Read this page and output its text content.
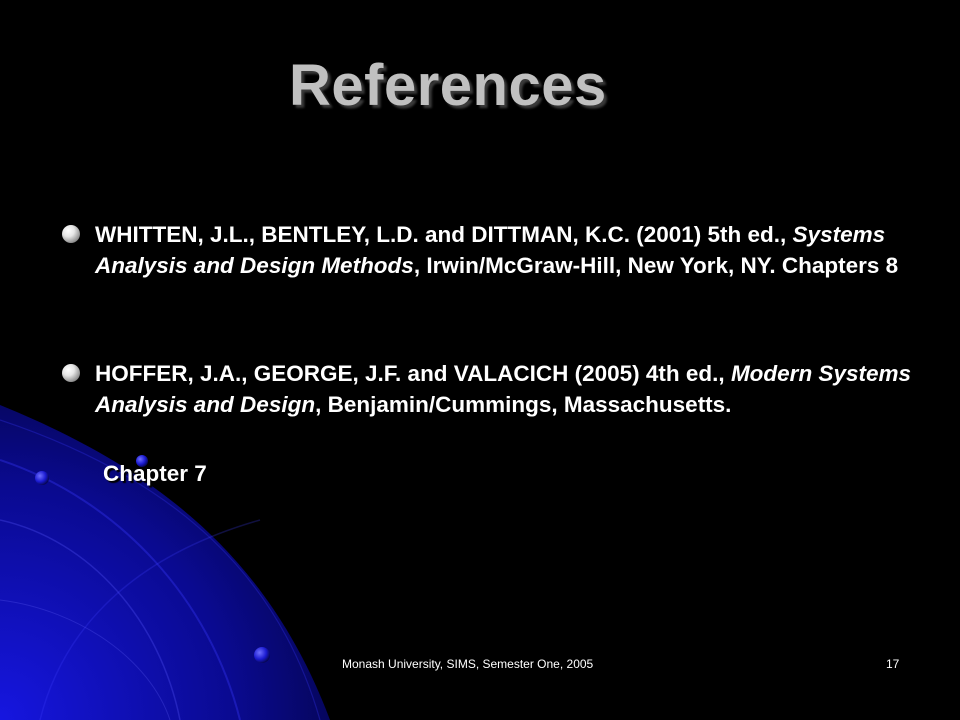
References
WHITTEN, J.L., BENTLEY, L.D. and DITTMAN, K.C. (2001) 5th ed., Systems Analysis and Design Methods, Irwin/McGraw-Hill, New York, NY. Chapters 8
HOFFER, J.A., GEORGE, J.F. and VALACICH (2005) 4th ed., Modern Systems Analysis and Design, Benjamin/Cummings, Massachusetts.
Chapter 7
Monash University, SIMS, Semester One, 2005	17
